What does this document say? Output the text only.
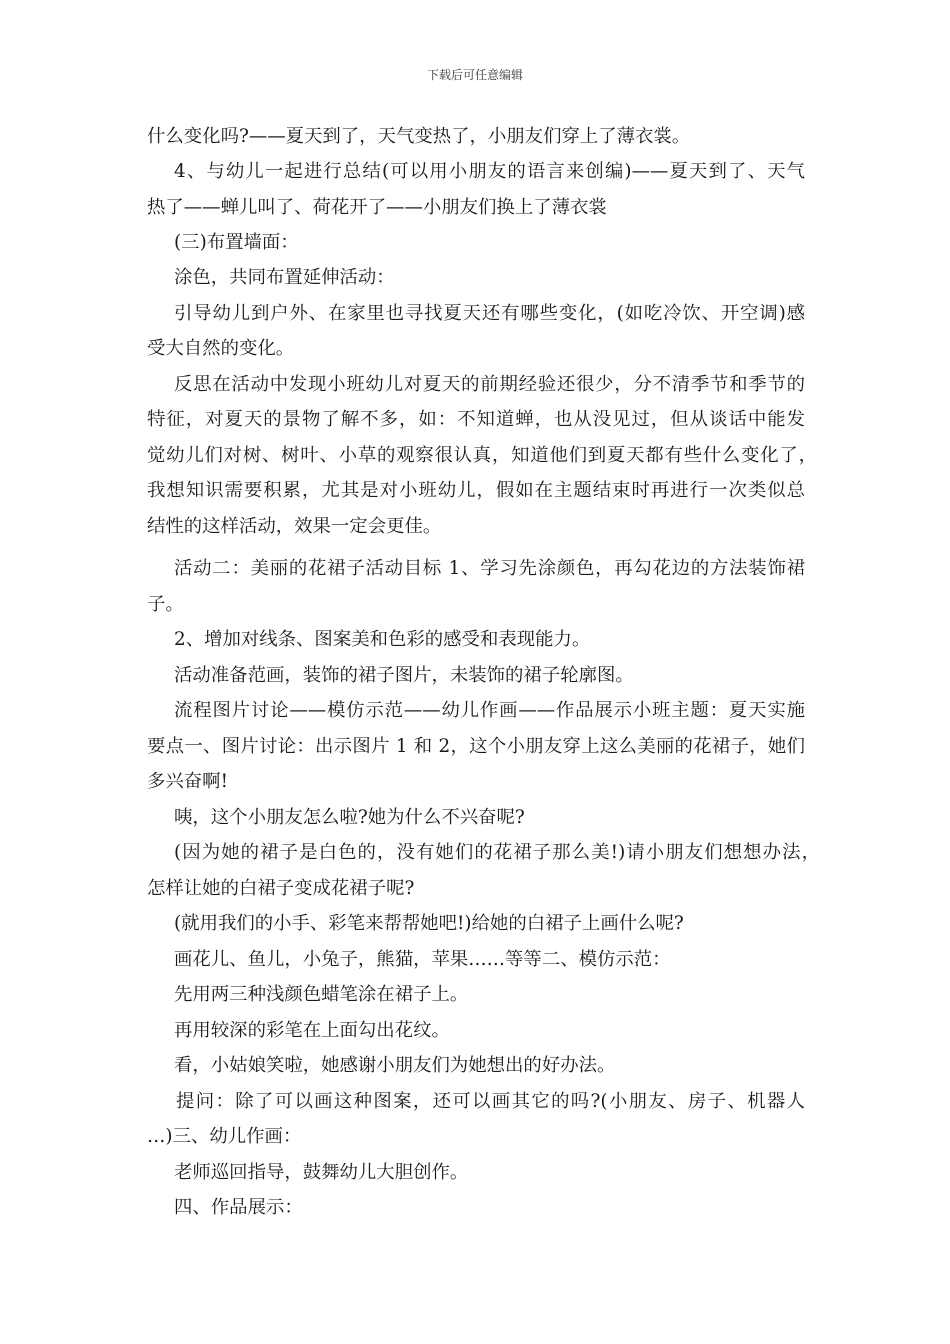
下载后可任意编辑
什么变化吗?——夏天到了，天气变热了，小朋友们穿上了薄衣裳。
4、与幼儿一起进行总结(可以用小朋友的语言来创编)——夏天到了、天气
热了——蝉儿叫了、荷花开了——小朋友们换上了薄衣裳
(三)布置墙面：
涂色，共同布置延伸活动：
引导幼儿到户外、在家里也寻找夏天还有哪些变化，(如吃冷饮、开空调)感
受大自然的变化。
反思在活动中发现小班幼儿对夏天的前期经验还很少，分不清季节和季节的
特征，对夏天的景物了解不多，如：不知道蝉，也从没见过，但从谈话中能发
觉幼儿们对树、树叶、小草的观察很认真，知道他们到夏天都有些什么变化了，
我想知识需要积累，尤其是对小班幼儿，假如在主题结束时再进行一次类似总
结性的这样活动，效果一定会更佳。
活动二：美丽的花裙子活动目标 1、学习先涂颜色，再勾花边的方法装饰裙
子。
2、增加对线条、图案美和色彩的感受和表现能力。
活动准备范画，装饰的裙子图片，未装饰的裙子轮廓图。
流程图片讨论——模仿示范——幼儿作画——作品展示小班主题：夏天实施
要点一、图片讨论：出示图片 1 和 2，这个小朋友穿上这么美丽的花裙子，她们
多兴奋啊!
咦，这个小朋友怎么啦?她为什么不兴奋呢?
(因为她的裙子是白色的，没有她们的花裙子那么美!)请小朋友们想想办法，
怎样让她的白裙子变成花裙子呢?
(就用我们的小手、彩笔来帮帮她吧!)给她的白裙子上画什么呢?
画花儿、鱼儿，小兔子，熊猫，苹果……等等二、模仿示范：
先用两三种浅颜色蜡笔涂在裙子上。
再用较深的彩笔在上面勾出花纹。
看，小姑娘笑啦，她感谢小朋友们为她想出的好办法。
提问：除了可以画这种图案，还可以画其它的吗?(小朋友、房子、机器人
…)三、幼儿作画：
老师巡回指导，鼓舞幼儿大胆创作。
四、作品展示：
